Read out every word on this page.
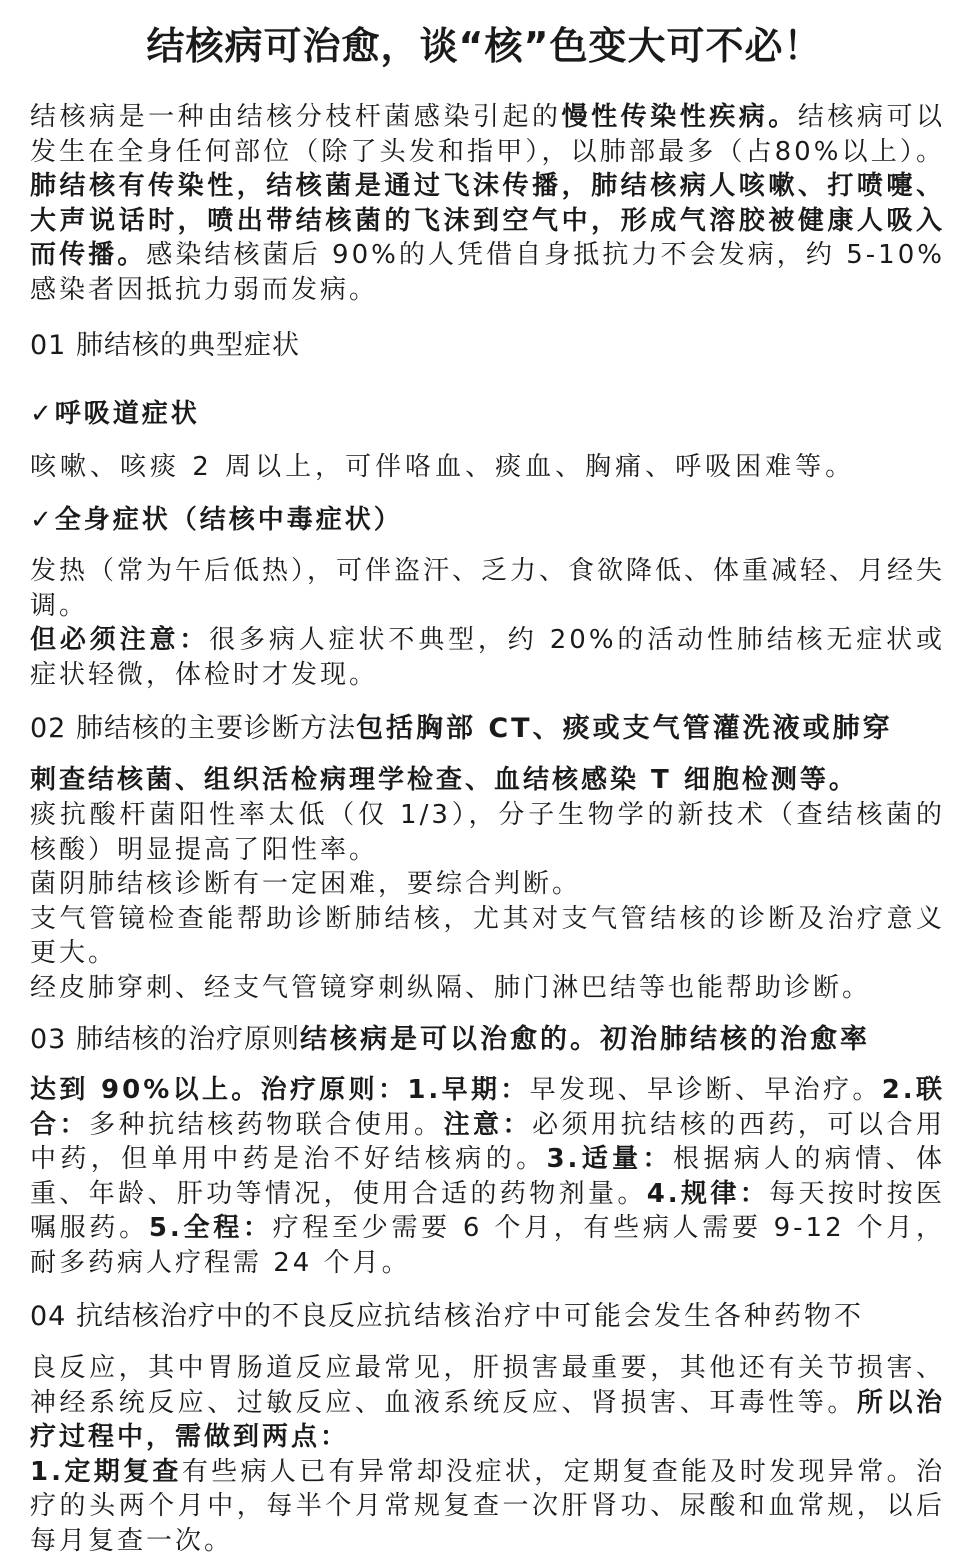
结核病可治愈，谈“核”色变大可不必！
结核病是一种由结核分枝杆菌感染引起的慢性传染性疾病。结核病可以发生在全身任何部位（除了头发和指甲），以肺部最多（占80%以上）。肺结核有传染性，结核菌是通过飞沫传播，肺结核病人咳嗽、打喷嚏、大声说话时，喷出带结核菌的飞沫到空气中，形成气溶胶被健康人吸入而传播。感染结核菌后 90%的人凭借自身抵抗力不会发病，约 5-10%感染者因抵抗力弱而发病。
01 肺结核的典型症状
✓呼吸道症状
咳嗽、咳痰 2 周以上，可伴咯血、痰血、胸痛、呼吸困难等。
✓全身症状（结核中毒症状）
发热（常为午后低热），可伴盗汗、乏力、食欲降低、体重减轻、月经失调。
但必须注意：很多病人症状不典型，约 20%的活动性肺结核无症状或症状轻微，体检时才发现。
02 肺结核的主要诊断方法包括胸部 CT、痰或支气管灌洗液或肺穿
刺查结核菌、组织活检病理学检查、血结核感染 T 细胞检测等。
痰抗酸杆菌阳性率太低（仅 1/3），分子生物学的新技术（查结核菌的核酸）明显提高了阳性率。
菌阴肺结核诊断有一定困难，要综合判断。
支气管镜检查能帮助诊断肺结核，尤其对支气管结核的诊断及治疗意义更大。
经皮肺穿刺、经支气管镜穿刺纵隔、肺门淋巴结等也能帮助诊断。
03 肺结核的治疗原则结核病是可以治愈的。初治肺结核的治愈率
达到 90%以上。治疗原则：1.早期：早发现、早诊断、早治疗。2.联合：多种抗结核药物联合使用。注意：必须用抗结核的西药，可以合用中药，但单用中药是治不好结核病的。3.适量：根据病人的病情、体重、年龄、肝功等情况，使用合适的药物剂量。4.规律：每天按时按医嘱服药。5.全程：疗程至少需要 6 个月，有些病人需要 9-12 个月，耐多药病人疗程需 24 个月。
04 抗结核治疗中的不良反应抗结核治疗中可能会发生各种药物不
良反应，其中胃肠道反应最常见，肝损害最重要，其他还有关节损害、神经系统反应、过敏反应、血液系统反应、肾损害、耳毒性等。所以治疗过程中，需做到两点：
1.定期复查有些病人已有异常却没症状，定期复查能及时发现异常。治疗的头两个月中，每半个月常规复查一次肝肾功、尿酸和血常规，以后每月复查一次。
